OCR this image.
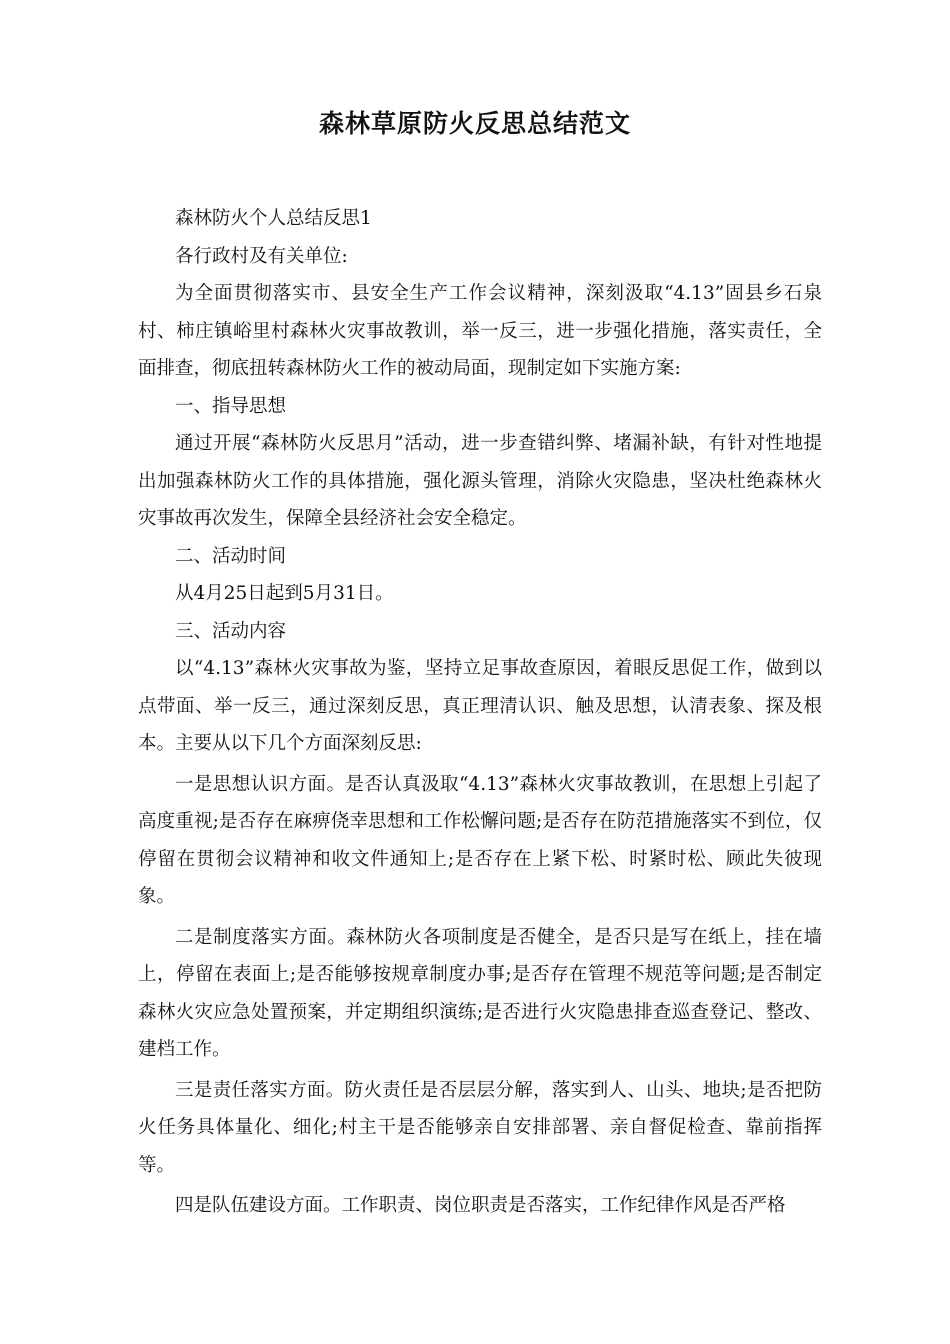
森林草原防火反思总结范文

森林防火个人总结反思1

各行政村及有关单位:

为全面贯彻落实市、县安全生产工作会议精神，深刻汲取“4.13”固县乡石泉村、柿庄镇峪里村森林火灾事故教训，举一反三，进一步强化措施，落实责任，全面排查，彻底扭转森林防火工作的被动局面，现制定如下实施方案:

一、指导思想

通过开展“森林防火反思月”活动，进一步查错纠弊、堵漏补缺，有针对性地提出加强森林防火工作的具体措施，强化源头管理，消除火灾隐患，坚决杜绝森林火灾事故再次发生，保障全县经济社会安全稳定。

二、活动时间

从4月25日起到5月31日。

三、活动内容

以“4.13”森林火灾事故为鉴，坚持立足事故查原因，着眼反思促工作，做到以点带面、举一反三，通过深刻反思，真正理清认识、触及思想，认清表象、探及根本。主要从以下几个方面深刻反思:

一是思想认识方面。是否认真汲取“4.13”森林火灾事故教训，在思想上引起了高度重视;是否存在麻痹侥幸思想和工作松懈问题;是否存在防范措施落实不到位，仅停留在贯彻会议精神和收文件通知上;是否存在上紧下松、时紧时松、顾此失彼现象。

二是制度落实方面。森林防火各项制度是否健全，是否只是写在纸上，挂在墙上，停留在表面上;是否能够按规章制度办事;是否存在管理不规范等问题;是否制定森林火灾应急处置预案，并定期组织演练;是否进行火灾隐患排查巡查登记、整改、建档工作。

三是责任落实方面。防火责任是否层层分解，落实到人、山头、地块;是否把防火任务具体量化、细化;村主干是否能够亲自安排部署、亲自督促检查、靠前指挥等。

四是队伍建设方面。工作职责、岗位职责是否落实，工作纪律作风是否严格
